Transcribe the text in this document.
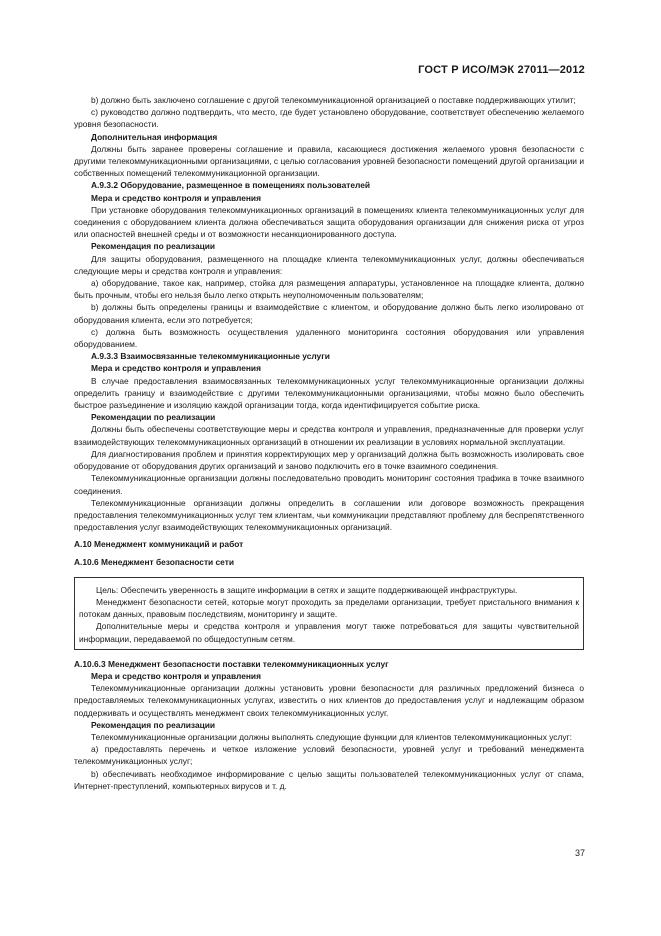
ГОСТ Р ИСО/МЭК 27011—2012

b) должно быть заключено соглашение с другой телекоммуникационной организацией о поставке поддерживающих утилит;

c) руководство должно подтвердить, что место, где будет установлено оборудование, соответствует обеспечению желаемого уровня безопасности.

Дополнительная информация

Должны быть заранее проверены соглашение и правила, касающиеся достижения желаемого уровня безопасности с другими телекоммуникационными организациями, с целью согласования уровней безопасности помещений другой организации и собственных помещений телекоммуникационной организации.

A.9.3.2 Оборудование, размещенное в помещениях пользователей

Мера и средство контроля и управления

При установке оборудования телекоммуникационных организаций в помещениях клиента телекоммуникационных услуг для соединения с оборудованием клиента должна обеспечиваться защита оборудования организации для снижения риска от угроз или опасностей внешней среды и от возможности несанкционированного доступа.

Рекомендация по реализации

Для защиты оборудования, размещенного на площадке клиента телекоммуникационных услуг, должны обеспечиваться следующие меры и средства контроля и управления:

а) оборудование, такое как, например, стойка для размещения аппаратуры, установленное на площадке клиента, должно быть прочным, чтобы его нельзя было легко открыть неуполномоченным пользователям;

b) должны быть определены границы и взаимодействие с клиентом, и оборудование должно быть легко изолировано от оборудования клиента, если это потребуется;

c) должна быть возможность осуществления удаленного мониторинга состояния оборудования или управления оборудованием.

A.9.3.3 Взаимосвязанные телекоммуникационные услуги

Мера и средство контроля и управления

В случае предоставления взаимосвязанных телекоммуникационных услуг телекоммуникационные организации должны определить границу и взаимодействие с другими телекоммуникационными организациями, чтобы можно было обеспечить быстрое разъединение и изоляцию каждой организации тогда, когда идентифицируется событие риска.

Рекомендации по реализации

Должны быть обеспечены соответствующие меры и средства контроля и управления, предназначенные для проверки услуг взаимодействующих телекоммуникационных организаций в отношении их реализации в условиях нормальной эксплуатации.

Для диагностирования проблем и принятия корректирующих мер у организаций должна быть возможность изолировать свое оборудование от оборудования других организаций и заново подключить его в точке взаимного соединения.

Телекоммуникационные организации должны последовательно проводить мониторинг состояния трафика в точке взаимного соединения.

Телекоммуникационные организации должны определить в соглашении или договоре возможность прекращения предоставления телекоммуникационных услуг тем клиентам, чьи коммуникации представляют проблему для беспрепятственного предоставления услуг взаимодействующих телекоммуникационных организаций.

A.10 Менеджмент коммуникаций и работ

A.10.6 Менеджмент безопасности сети

Цель: Обеспечить уверенность в защите информации в сетях и защите поддерживающей инфраструктуры.

Менеджмент безопасности сетей, которые могут проходить за пределами организации, требует пристального внимания к потокам данных, правовым последствиям, мониторингу и защите.

Дополнительные меры и средства контроля и управления могут также потребоваться для защиты чувствительной информации, передаваемой по общедоступным сетям.

A.10.6.3 Менеджмент безопасности поставки телекоммуникационных услуг

Мера и средство контроля и управления

Телекоммуникационные организации должны установить уровни безопасности для различных предложений бизнеса о предоставляемых телекоммуникационных услугах, известить о них клиентов до предоставления услуг и надлежащим образом поддерживать и осуществлять менеджмент своих телекоммуникационных услуг.

Рекомендация по реализации

Телекоммуникационные организации должны выполнять следующие функции для клиентов телекоммуникационных услуг:

а) предоставлять перечень и четкое изложение условий безопасности, уровней услуг и требований менеджмента телекоммуникационных услуг;

b) обеспечивать необходимое информирование с целью защиты пользователей телекоммуникационных услуг от спама, Интернет-преступлений, компьютерных вирусов и т. д.

37
